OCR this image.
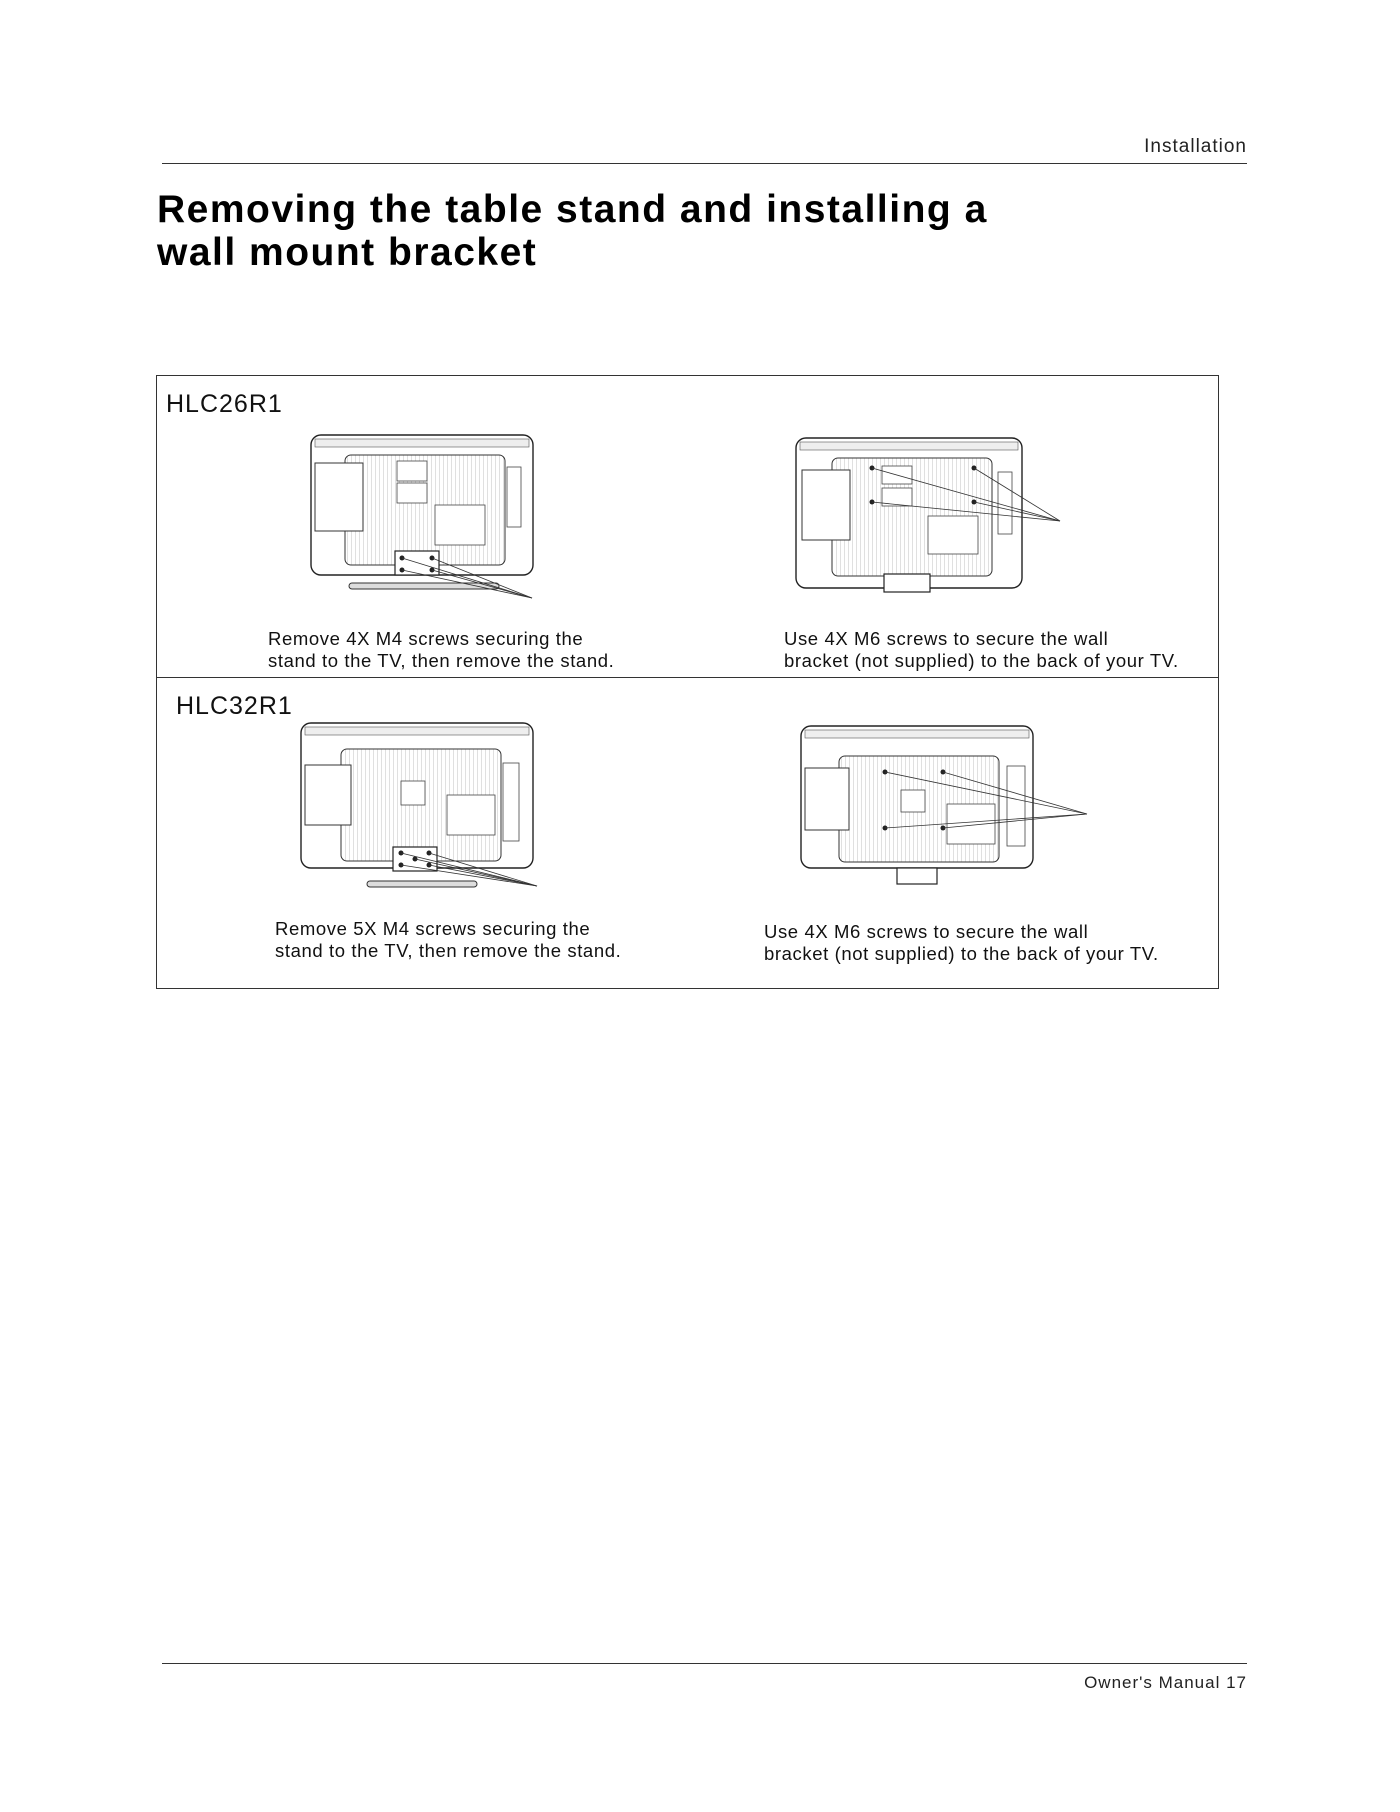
Installation
Removing the table stand and installing a
wall mount bracket
HLC26R1
Remove 4X M4 screws securing the
stand to the TV, then remove the stand.
Use 4X M6 screws to secure the wall
bracket (not supplied) to the back of your TV.
HLC32R1
Remove 5X M4 screws securing the
stand to the TV, then remove the stand.
Use 4X M6 screws to secure the wall
bracket (not supplied) to the back of your TV.
Owner's Manual 17
